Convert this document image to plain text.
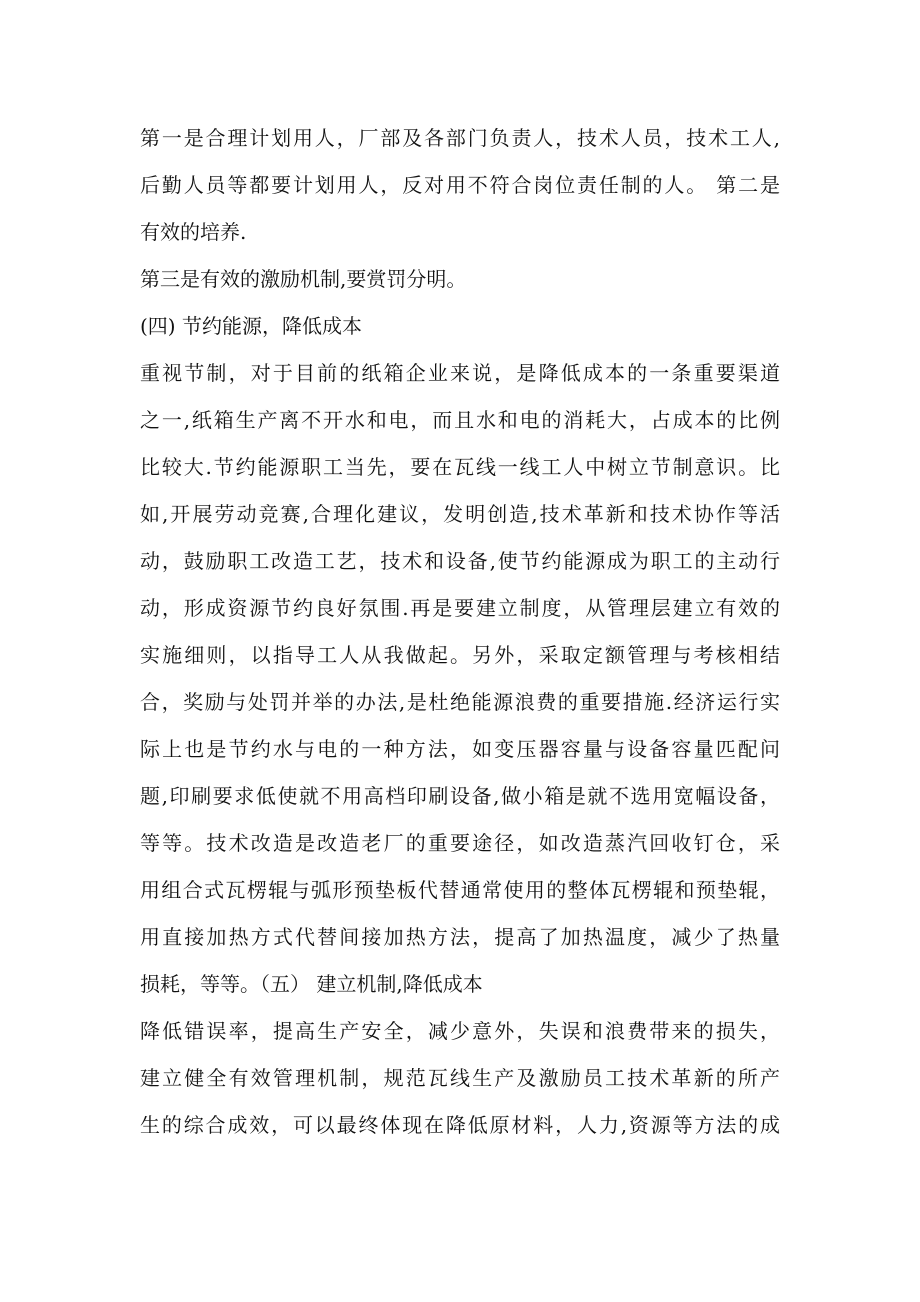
第一是合理计划用人，厂部及各部门负责人，技术人员，技术工人,
后勤人员等都要计划用人，反对用不符合岗位责任制的人。 第二是
有效的培养.
第三是有效的激励机制,要赏罚分明。
(四) 节约能源，降低成本
重视节制，对于目前的纸箱企业来说，是降低成本的一条重要渠道
之一,纸箱生产离不开水和电，而且水和电的消耗大，占成本的比例
比较大.节约能源职工当先，要在瓦线一线工人中树立节制意识。比
如,开展劳动竞赛,合理化建议，发明创造,技术革新和技术协作等活
动，鼓励职工改造工艺，技术和设备,使节约能源成为职工的主动行
动，形成资源节约良好氛围.再是要建立制度，从管理层建立有效的
实施细则，以指导工人从我做起。另外，采取定额管理与考核相结
合，奖励与处罚并举的办法,是杜绝能源浪费的重要措施.经济运行实
际上也是节约水与电的一种方法，如变压器容量与设备容量匹配问
题,印刷要求低使就不用高档印刷设备,做小箱是就不选用宽幅设备，
等等。技术改造是改造老厂的重要途径，如改造蒸汽回收钉仓，采
用组合式瓦楞辊与弧形预垫板代替通常使用的整体瓦楞辊和预垫辊，
用直接加热方式代替间接加热方法，提高了加热温度，减少了热量
损耗，等等。（五） 建立机制,降低成本
降低错误率，提高生产安全，减少意外，失误和浪费带来的损失，
建立健全有效管理机制，规范瓦线生产及激励员工技术革新的所产
生的综合成效，可以最终体现在降低原材料，人力,资源等方法的成
